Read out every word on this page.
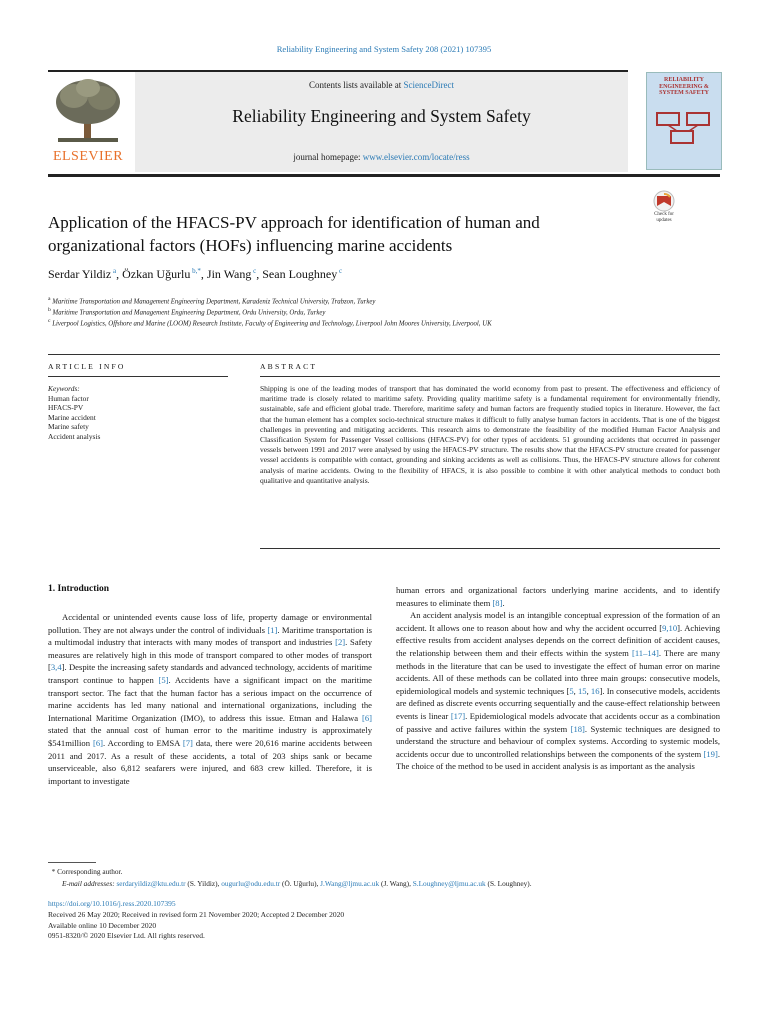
Reliability Engineering and System Safety 208 (2021) 107395
ELSEVIER
Contents lists available at ScienceDirect
Reliability Engineering and System Safety
journal homepage: www.elsevier.com/locate/ress
RELIABILITY ENGINEERING & SYSTEM SAFETY
Check for updates
Application of the HFACS-PV approach for identification of human and organizational factors (HOFs) influencing marine accidents
Serdar Yildiz $^a$, Özkan Uğurlu $^{b,*}$, Jin Wang $^c$, Sean Loughney $^c$
$^a$ Maritime Transportation and Management Engineering Department, Karadeniz Technical University, Trabzon, Turkey
$^b$ Maritime Transportation and Management Engineering Department, Ordu University, Ordu, Turkey
$^c$ Liverpool Logistics, Offshore and Marine (LOOM) Research Institute, Faculty of Engineering and Technology, Liverpool John Moores University, Liverpool, UK
ARTICLE INFO	ABSTRACT
Keywords:
Human factor
HFACS-PV
Marine accident
Marine safety
Accident analysis
Shipping is one of the leading modes of transport that has dominated the world economy from past to present. The effectiveness and efficiency of maritime trade is closely related to maritime safety. Providing quality maritime safety is a fundamental requirement for environmentally friendly, sustainable, safe and efficient global trade. Therefore, maritime safety and human factors are frequently studied topics in literature. However, the fact that the human element has a complex socio-technical structure makes it difficult to fully analyse human factors in accidents. That is one of the biggest challenges in preventing and mitigating accidents. This research aims to demonstrate the feasibility of the modified Human Factor Analysis and Classification System for Passenger Vessel collisions (HFACS-PV) for other types of accidents. 51 grounding accidents that occurred in passenger vessels between 1991 and 2017 were analysed by using the HFACS-PV structure. The results show that the HFACS-PV structure created for passenger vessel accidents is compatible with contact, grounding and sinking accidents as well as collisions. Thus, the HFACS-PV structure allows for coherent analysis of marine accidents. Owing to the flexibility of HFACS, it is also possible to combine it with other analytical methods to conduct both qualitative and quantitative analysis.
1. Introduction

Accidental or unintended events cause loss of life, property damage or environmental pollution. They are not always under the control of individuals [1]. Maritime transportation is a multimodal industry that interacts with many modes of transport and industries [2]. Safety measures are relatively high in this mode of transport compared to other modes of transport [3,4]. Despite the increasing safety standards and advanced technology, accidents of maritime transport continue to happen [5]. Accidents have a significant impact on the maritime transport sector. The fact that the human factor has a serious impact on the occurrence of marine accidents has led many national and international organizations, including the International Maritime Organization (IMO), to address this issue. Etman and Halawa [6] stated that the annual cost of human error to the maritime industry is approximately $541million [6]. According to EMSA [7] data, there were 20,616 marine accidents between 2011 and 2017. As a result of these accidents, a total of 203 ships sank or became unserviceable, also 6,812 seafarers were injured, and 683 crew killed. Therefore, it is important to investigate

human errors and organizational factors underlying marine accidents, and to identify measures to eliminate them [8].

An accident analysis model is an intangible conceptual expression of the formation of an accident. It allows one to reason about how and why the accident occurred [9,10]. Achieving effective results from accident analyses depends on the correct definition of accident causes, the relationship between them and their effects within the system [11–14]. There are many methods in the literature that can be used to investigate the effect of human error on marine accidents. All of these methods can be collated into three main groups: consecutive models, epidemiological models and systemic techniques [5, 15, 16]. In consecutive models, accidents are defined as discrete events occurring sequentially and the cause-effect relationship between events is linear [17]. Epidemiological models advocate that accidents occur as a combination of passive and active failures within the system [18]. Systemic techniques are designed to understand the structure and behaviour of complex systems. According to systemic models, accidents occur due to uncontrolled relationships between the components of the system [19]. The choice of the method to be used in accident analysis is as important as the analysis

* Corresponding author.
E-mail addresses: serdaryildiz@ktu.edu.tr (S. Yildiz), ougurlu@odu.edu.tr (Ö. Uğurlu), J.Wang@ljmu.ac.uk (J. Wang), S.Loughney@ljmu.ac.uk (S. Loughney).
https://doi.org/10.1016/j.ress.2020.107395
Received 26 May 2020; Received in revised form 21 November 2020; Accepted 2 December 2020
Available online 10 December 2020
0951-8320/© 2020 Elsevier Ltd. All rights reserved.
